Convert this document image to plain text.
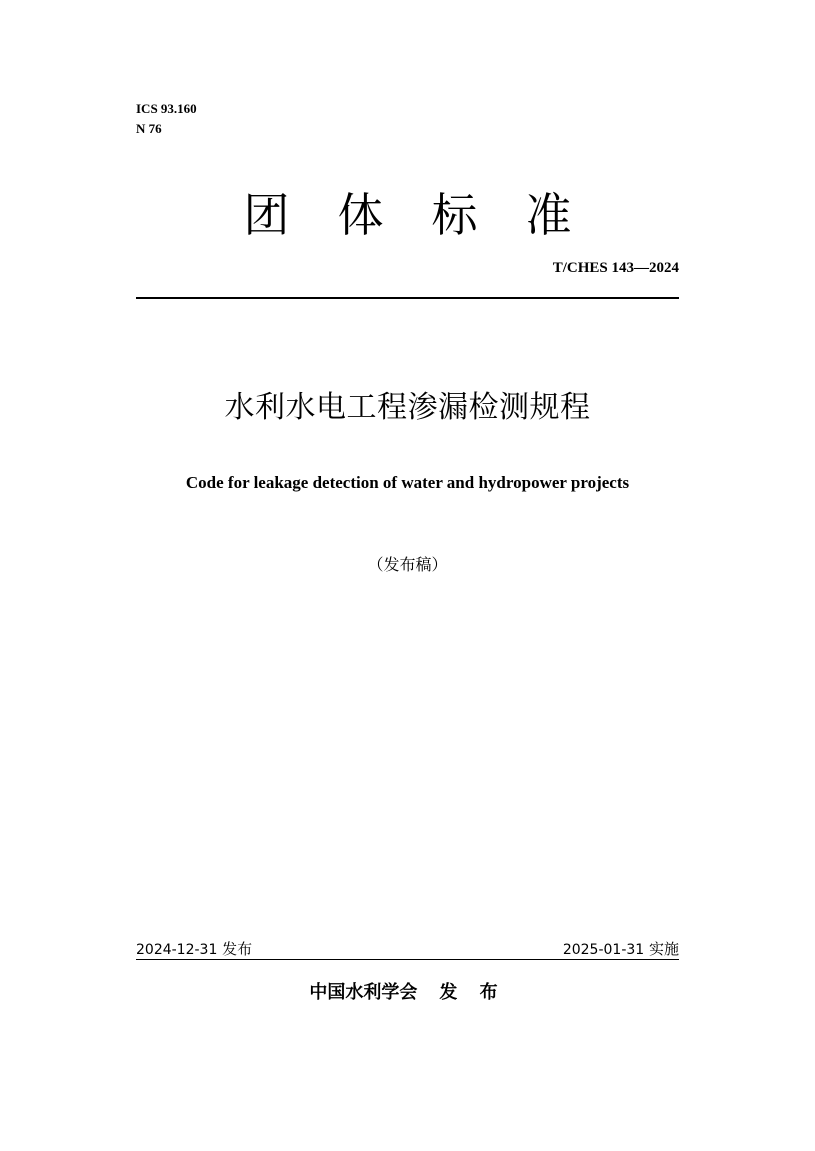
ICS 93.160
N 76
团体标准
T/CHES 143—2024
水利水电工程渗漏检测规程
Code for leakage detection of water and hydropower projects
（发布稿）
2024-12-31 发布	2025-01-31 实施
中国水利学会 发 布
